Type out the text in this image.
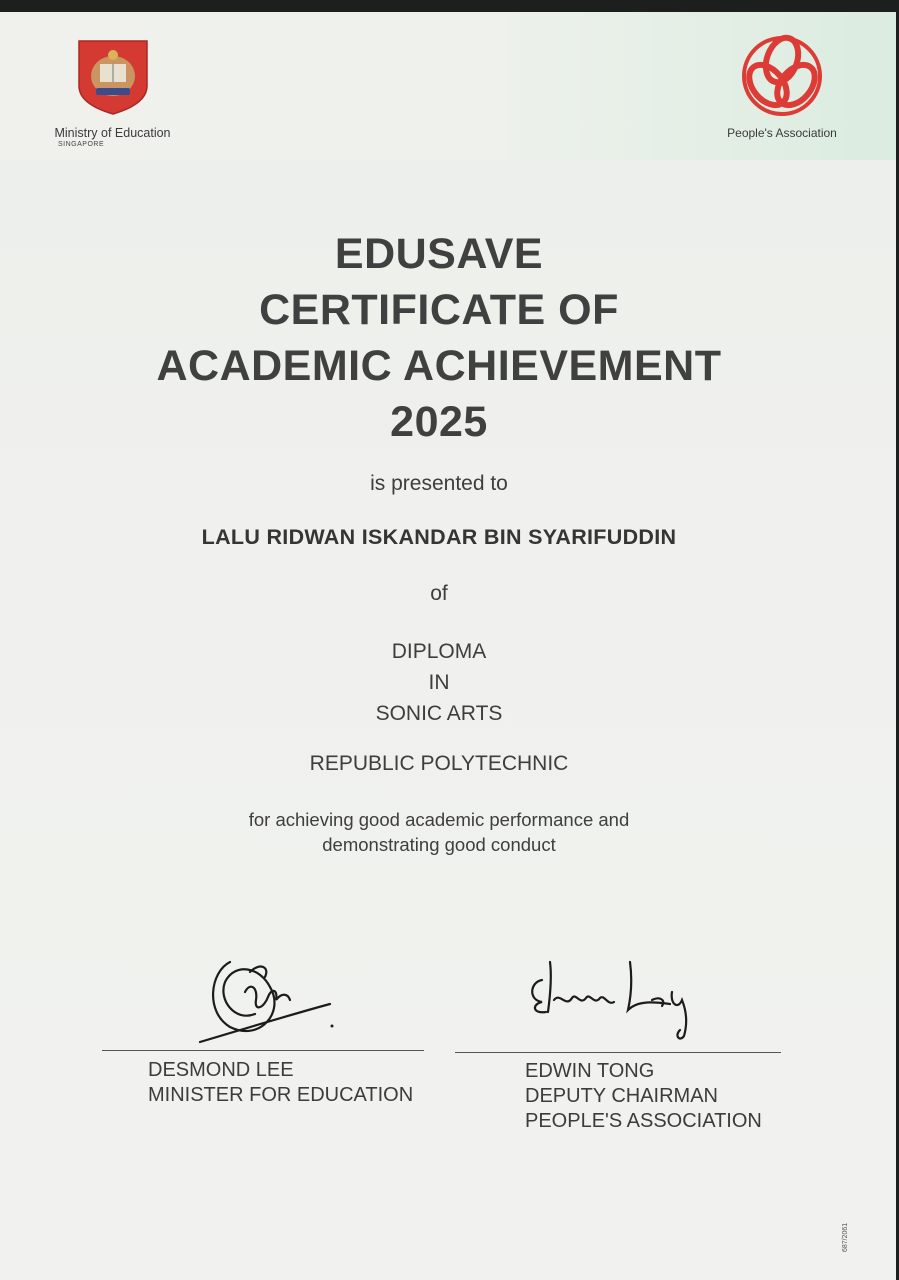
Ministry of Education
SINGAPORE
People's Association
EDUSAVE
CERTIFICATE OF
ACADEMIC ACHIEVEMENT
2025
is presented to
LALU RIDWAN ISKANDAR BIN SYARIFUDDIN
of
DIPLOMA
IN
SONIC ARTS
REPUBLIC POLYTECHNIC
for achieving good academic performance and
demonstrating good conduct
DESMOND LEE
MINISTER FOR EDUCATION
EDWIN TONG
DEPUTY CHAIRMAN
PEOPLE'S ASSOCIATION
687/2061
